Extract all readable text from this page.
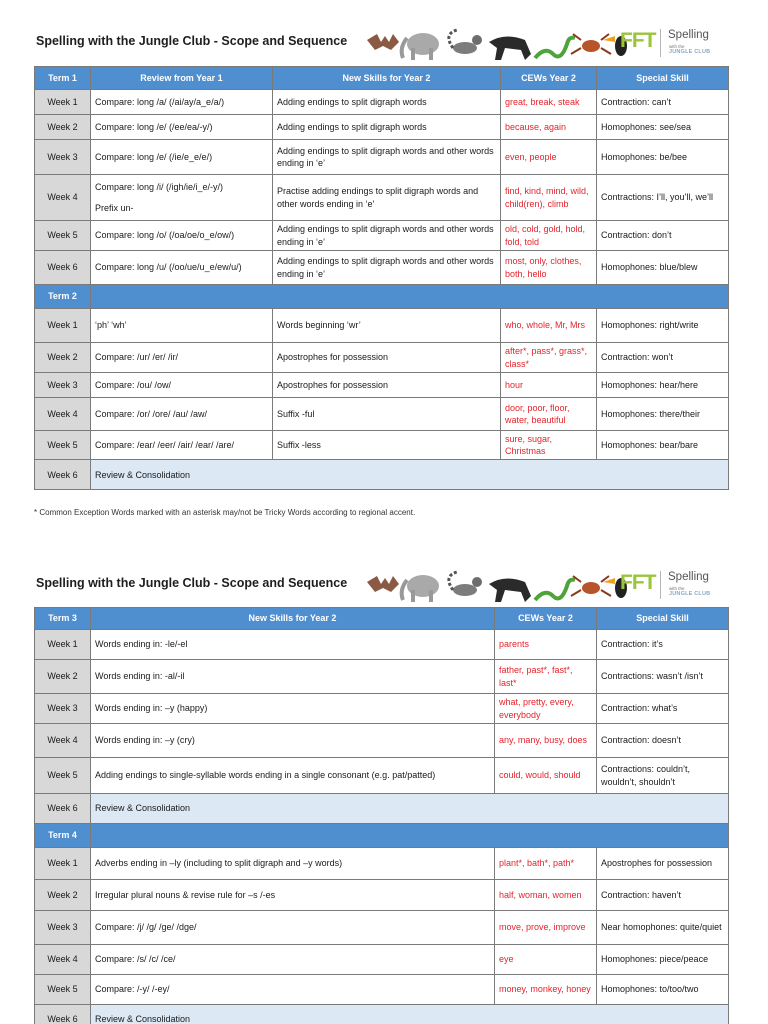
Spelling with the Jungle Club - Scope and Sequence	FFT Spelling
with the
JUNGLE CLUB
Term 1	Review from Year 1	New Skills for Year 2	CEWs Year 2	Special Skill
Week 1	Compare: long /a/ (/ai/ay/a_e/a/)	Adding endings to split digraph words	great, break, steak	Contraction: can’t
Week 2	Compare: long /e/ (/ee/ea/-y/)	Adding endings to split digraph words	because, again	Homophones: see/sea
Week 3	Compare: long /e/ (/ie/e_e/e/)	Adding endings to split digraph words and other words ending in ‘e’	even, people	Homophones: be/bee
Week 4	Compare: long /i/ (/igh/ie/i_e/-y/)
Prefix un-	Practise adding endings to split digraph words and other words ending in ‘e’	find, kind, mind, wild, child(ren), climb	Contractions: I’ll, you’ll, we’ll
Week 5	Compare: long /o/ (/oa/oe/o_e/ow/)	Adding endings to split digraph words and other words ending in ‘e’	old, cold, gold, hold, fold, told	Contraction: don’t
Week 6	Compare: long /u/ (/oo/ue/u_e/ew/u/)	Adding endings to split digraph words and other words ending in ‘e’	most, only, clothes, both, hello	Homophones: blue/blew
Term 2				
Week 1	‘ph’ ‘wh’	Words beginning ‘wr’	who, whole, Mr, Mrs	Homophones: right/write
Week 2	Compare: /ur/ /er/ /ir/	Apostrophes for possession	after*, pass*, grass*, class*	Contraction: won’t
Week 3	Compare: /ou/ /ow/	Apostrophes for possession	hour	Homophones: hear/here
Week 4	Compare: /or/ /ore/ /au/ /aw/	Suffix -ful	door, poor, floor, water, beautiful	Homophones: there/their
Week 5	Compare: /ear/ /eer/ /air/ /ear/ /are/	Suffix -less	sure, sugar, Christmas	Homophones: bear/bare
Week 6	Review & Consolidation			
* Common Exception Words marked with an asterisk may/not be Tricky Words according to regional accent.
Spelling with the Jungle Club - Scope and Sequence	FFT Spelling
with the
JUNGLE CLUB
Term 3	New Skills for Year 2	CEWs Year 2	Special Skill
Week 1	Words ending in: -le/-el	parents	Contraction: it’s
Week 2	Words ending in: -al/-il	father, past*, fast*, last*	Contractions: wasn’t /isn’t
Week 3	Words ending in: –y (happy)	what, pretty, every, everybody	Contraction: what’s
Week 4	Words ending in: –y (cry)	any, many, busy, does	Contraction: doesn’t
Week 5	Adding endings to single-syllable words ending in a single consonant (e.g. pat/patted)	could, would, should	Contractions: couldn’t, wouldn’t, shouldn’t
Week 6	Review & Consolidation		
Term 4			
Week 1	Adverbs ending in –ly (including to split digraph and –y words)	plant*, bath*, path*	Apostrophes for possession
Week 2	Irregular plural nouns & revise rule for –s /-es	half, woman, women	Contraction: haven’t
Week 3	Compare: /j/ /g/ /ge/ /dge/	move, prove, improve	Near homophones: quite/quiet
Week 4	Compare: /s/ /c/ /ce/	eye	Homophones: piece/peace
Week 5	Compare: /-y/ /-ey/	money, monkey, honey	Homophones: to/too/two
Week 6	Review & Consolidation		
